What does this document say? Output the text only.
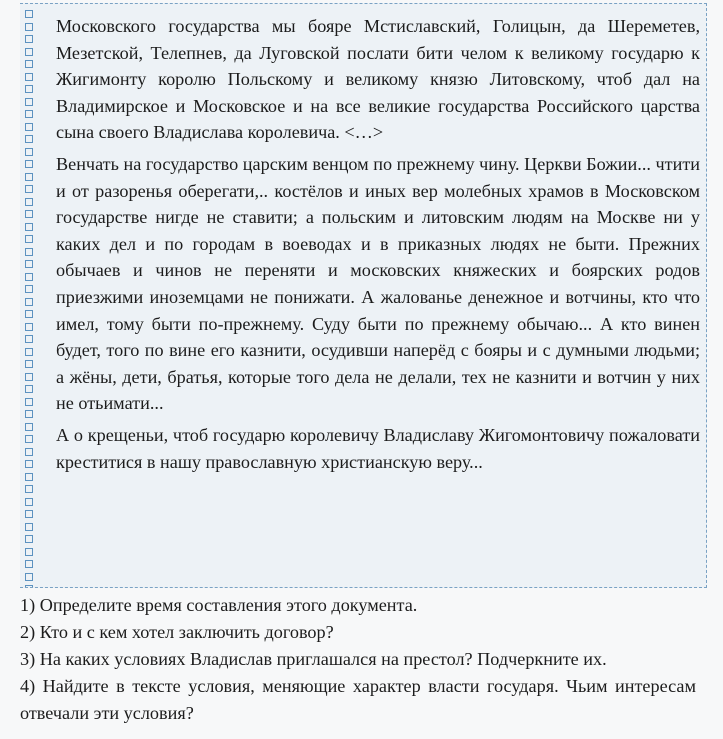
Московского государства мы бояре Мстиславский, Голицын, да Шереметев, Мезетской, Телепнев, да Луговской послати бити челом к великому государю к Жигимонту королю Польскому и великому князю Литовскому, чтоб дал на Владимирское и Московское и на все великие государства Российского царства сына своего Владислава королевича. <…>

Венчать на государство царским венцом по прежнему чину. Церкви Божии... чтити и от разоренья оберегати,.. костёлов и иных вер молебных храмов в Московском государстве нигде не ставити; а польским и литовским людям на Москве ни у каких дел и по городам в воеводах и в приказных людях не быти. Прежних обычаев и чинов не переняти и московских княжеских и боярских родов приезжими иноземцами не понижати. А жалованье денежное и вотчины, кто что имел, тому быти по-прежнему. Суду быти по прежнему обычаю... А кто винен будет, того по вине его казнити, осудивши наперёд с бояры и с думными людьми; а жёны, дети, братья, которые того дела не делали, тех не казнити и вотчин у них не отьимати...

А о крещеньи, чтоб государю королевичу Владиславу Жигомонтовичу пожаловати креститися в нашу православную христианскую веру...

1) Определите время составления этого документа.

2) Кто и с кем хотел заключить договор?

3) На каких условиях Владислав приглашался на престол? Подчеркните их.

4) Найдите в тексте условия, меняющие характер власти государя. Чьим интересам отвечали эти условия?
